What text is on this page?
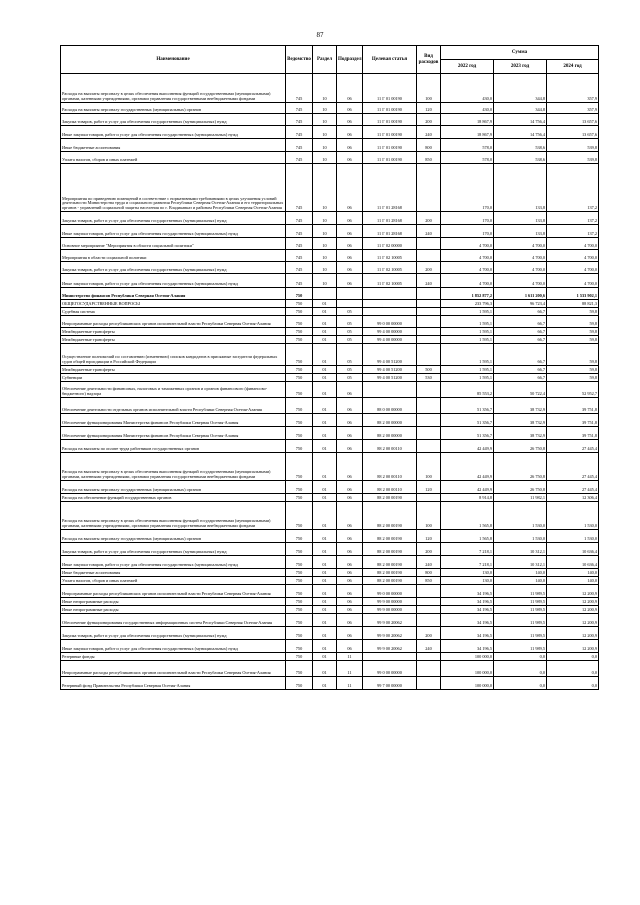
87
Наименование	Ведомство	Раздел	Подраздел	Целевая статья	Вид расходов	Сумма		
						2022 год	2023 год	2024 год
Расходы на выплаты персоналу в целях обеспечения выполнения функций государственными (муниципальными) органами, казенными учреждениями, органами управления государственными внебюджетными фондами	745	10	06	11 Г 01 00190	100	430,0	344,8	357,9
Расходы на выплаты персоналу государственных (муниципальных) органов	745	10	06	11 Г 01 00190	120	430,0	344,8	357,9
Закупка товаров, работ и услуг для обеспечения государственных (муниципальных) нужд	745	10	06	11 Г 01 00190	200	18 867,9	14 756,4	13 657,6
Иные закупки товаров, работ и услуг для обеспечения государственных (муниципальных) нужд	745	10	06	11 Г 01 00190	240	18 867,9	14 756,4	13 657,6
Иные бюджетные ассигнования	745	10	06	11 Г 01 00190	800	578,0	538,6	539,8
Уплата налогов, сборов и иных платежей	745	10	06	11 Г 01 00190	850	578,0	538,6	539,8
Мероприятия по приведению помещений в соответствие с нормативными требованиями в целях улучшения условий деятельности Министерства труда и социального развития Республики Северная Осетия-Алания и его территориальных органов - управлений социальной защиты населения по г. Владикавказ и районам Республики Северная Осетия-Алания	745	10	06	11 Г 01 28168		170,0	133,8	137,2
Закупка товаров, работ и услуг для обеспечения государственных (муниципальных) нужд	745	10	06	11 Г 01 28168	200	170,0	133,8	137,2
Иные закупки товаров, работ и услуг для обеспечения государственных (муниципальных) нужд	745	10	06	11 Г 01 28168	240	170,0	133,8	137,2
Основное мероприятие "Мероприятия в области социальной политики"	745	10	06	11 Г 02 00000		4 700,0	4 700,0	4 700,0
Мероприятия в области социальной политики	745	10	06	11 Г 02 10005		4 700,0	4 700,0	4 700,0
Закупка товаров, работ и услуг для обеспечения государственных (муниципальных) нужд	745	10	06	11 Г 02 10005	200	4 700,0	4 700,0	4 700,0
Иные закупки товаров, работ и услуг для обеспечения государственных (муниципальных) нужд	745	10	06	11 Г 02 10005	240	4 700,0	4 700,0	4 700,0
Министерство финансов Республики Северная Осетия-Алания	750					1 852 877,2	1 611 200,6	1 533 902,1
ОБЩЕГОСУДАРСТВЕННЫЕ ВОПРОСЫ	750	01				233 796,3	96 723,4	88 821,3
Судебная система	750	01	05			1 595,1	66,7	59,8
Непрограммные расходы республиканских органов исполнительной власти Республики Северная Осетия-Алания	750	01	05	99 0 00 00000		1 595,1	66,7	59,8
Межбюджетные трансферты	750	01	05	99 4 00 00000		1 595,1	66,7	59,8
Межбюджетные трансферты	750	01	05	99 4 00 00000		1 595,1	66,7	59,8
Осуществление полномочий по составлению (изменению) списков кандидатов в присяжные заседатели федеральных судов общей юрисдикции в Российской Федерации	750	01	05	99 4 00 51200		1 595,1	66,7	59,8
Межбюджетные трансферты	750	01	05	99 4 00 51200	500	1 595,1	66,7	59,8
Субвенции	750	01	05	99 4 00 51200	530	1 595,1	66,7	59,8
Обеспечение деятельности финансовых, налоговых и таможенных органов и органов финансового (финансово-бюджетного) надзора	750	01	06			85 553,2	50 722,4	52 952,7
Обеспечение деятельности отдельных органов исполнительной власти Республики Северная Осетия-Алания	750	01	06	88 0 00 00000		51 356,7	38 732,9	39 751,8
Обеспечение функционирования Министерства финансов Республики Северная Осетия-Алания	750	01	06	88 2 00 00000		51 356,7	38 732,9	39 751,8
Обеспечение функционирования Министерства финансов Республики Северная Осетия-Алания	750	01	06	88 2 00 00000		51 356,7	38 732,9	39 751,8
Расходы на выплаты по оплате труда работников государственных органов	750	01	06	88 2 00 00110		42 449,9	26 750,8	27 445,4
Расходы на выплаты персоналу в целях обеспечения выполнения функций государственными (муниципальными) органами, казенными учреждениями, органами управления государственными внебюджетными фондами	750	01	06	88 2 00 00110	100	42 449,9	26 750,8	27 445,4
Расходы на выплаты персоналу государственных (муниципальных) органов	750	01	06	88 2 00 00110	120	42 449,9	26 750,8	27 445,4
Расходы на обеспечение функций государственных органов	750	01	06	88 2 00 00190		8 914,8	11 982,1	12 306,4
Расходы на выплаты персоналу в целях обеспечения выполнения функций государственными (муниципальными) органами, казенными учреждениями, органами управления государственными внебюджетными фондами	750	01	06	88 2 00 00190	100	1 565,8	1 530,0	1 530,0
Расходы на выплаты персоналу государственных (муниципальных) органов	750	01	06	88 2 00 00190	120	1 565,8	1 530,0	1 530,0
Закупка товаров, работ и услуг для обеспечения государственных (муниципальных) нужд	750	01	06	88 2 00 00190	200	7 218,1	10 312,1	10 636,4
Иные закупки товаров, работ и услуг для обеспечения государственных (муниципальных) нужд	750	01	06	88 2 00 00190	240	7 218,1	10 312,1	10 636,4
Иные бюджетные ассигнования	750	01	06	88 2 00 00190	800	130,0	140,0	140,0
Уплата налогов, сборов и иных платежей	750	01	06	88 2 00 00190	850	130,0	140,0	140,0
Непрограммные расходы республиканских органов исполнительной власти Республики Северная Осетия-Алания	750	01	06	99 0 00 00000		34 196,5	11 989,5	12 200,9
Иные непрограммные расходы	750	01	06	99 9 00 00000		34 196,5	11 989,5	12 200,9
Иные непрограммные расходы	750	01	06	99 9 00 00000		34 196,5	11 989,5	12 200,9
Обеспечение функционирования государственных информационных систем Республики Северная Осетия-Алания	750	01	06	99 9 00 20062		34 196,5	11 989,5	12 200,9
Закупка товаров, работ и услуг для обеспечения государственных (муниципальных) нужд	750	01	06	99 9 00 20062	200	34 196,5	11 989,5	12 200,9
Иные закупки товаров, работ и услуг для обеспечения государственных (муниципальных) нужд	750	01	06	99 9 00 20062	240	34 196,5	11 989,5	12 200,9
Резервные фонды	750	01	11			100 000,0	0,0	0,0
Непрограммные расходы республиканских органов исполнительной власти Республики Северная Осетия-Алания	750	01	11	99 0 00 00000		100 000,0	0,0	0,0
Резервный фонд Правительства Республики Северная Осетия-Алания	750	01	11	99 7 00 00000		100 000,0	0,0	0,0
